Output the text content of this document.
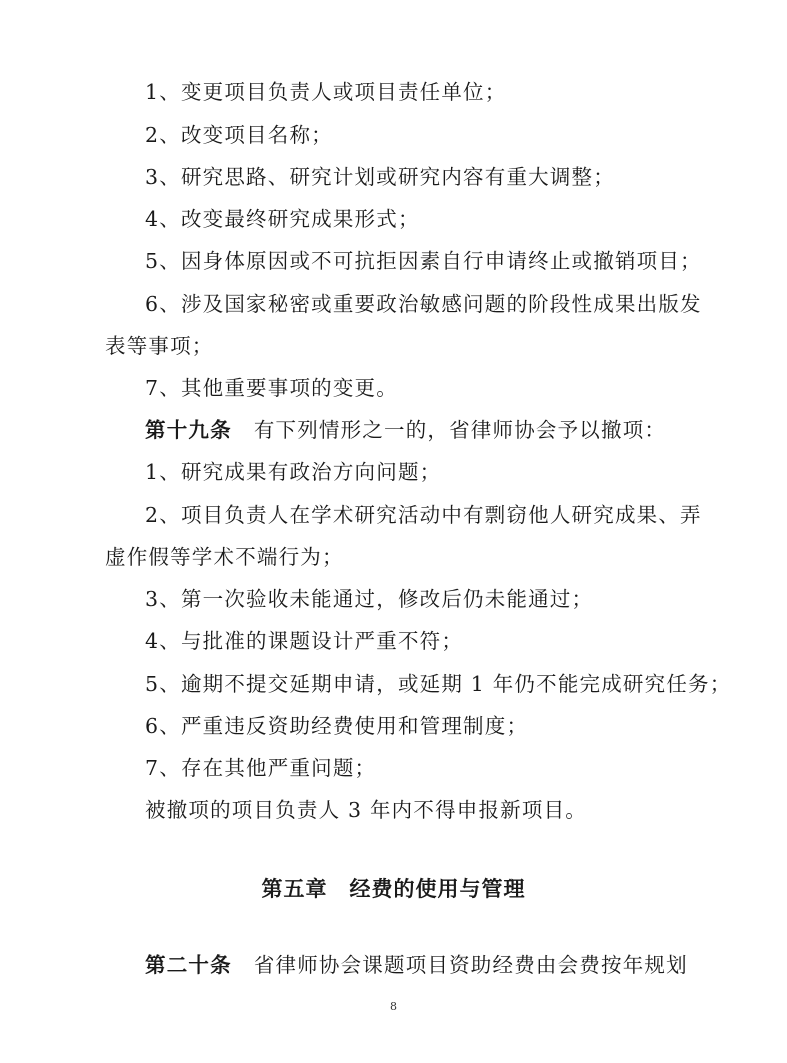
1、变更项目负责人或项目责任单位；
2、改变项目名称；
3、研究思路、研究计划或研究内容有重大调整；
4、改变最终研究成果形式；
5、因身体原因或不可抗拒因素自行申请终止或撤销项目；
6、涉及国家秘密或重要政治敏感问题的阶段性成果出版发
表等事项；
7、其他重要事项的变更。
第十九条 有下列情形之一的，省律师协会予以撤项：
1、研究成果有政治方向问题；
2、项目负责人在学术研究活动中有剽窃他人研究成果、弄
虚作假等学术不端行为；
3、第一次验收未能通过，修改后仍未能通过；
4、与批准的课题设计严重不符；
5、逾期不提交延期申请，或延期 1 年仍不能完成研究任务；
6、严重违反资助经费使用和管理制度；
7、存在其他严重问题；
被撤项的项目负责人 3 年内不得申报新项目。
第五章　经费的使用与管理
第二十条 省律师协会课题项目资助经费由会费按年规划
8
